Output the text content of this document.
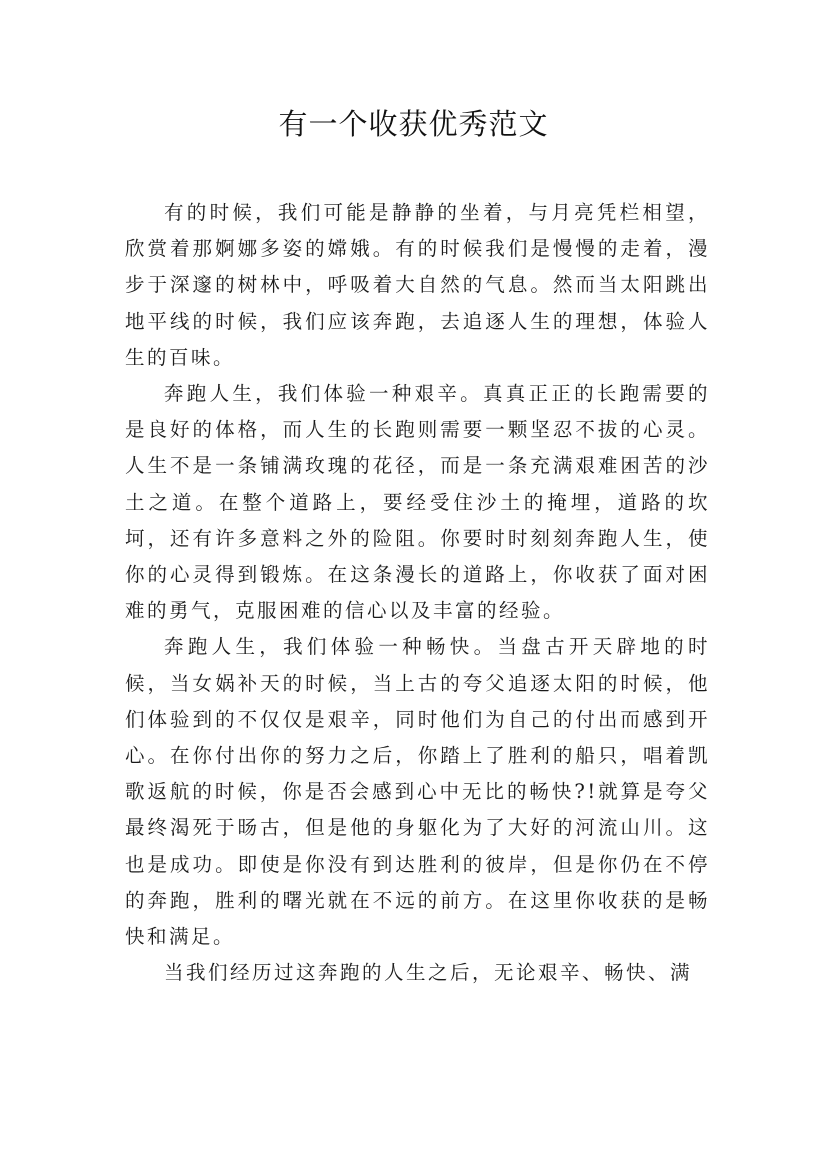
有一个收获优秀范文

有的时候，我们可能是静静的坐着，与月亮凭栏相望，欣赏着那婀娜多姿的嫦娥。有的时候我们是慢慢的走着，漫步于深邃的树林中，呼吸着大自然的气息。然而当太阳跳出地平线的时候，我们应该奔跑，去追逐人生的理想，体验人生的百味。

奔跑人生，我们体验一种艰辛。真真正正的长跑需要的是良好的体格，而人生的长跑则需要一颗坚忍不拔的心灵。人生不是一条铺满玫瑰的花径，而是一条充满艰难困苦的沙土之道。在整个道路上，要经受住沙土的掩埋，道路的坎坷，还有许多意料之外的险阻。你要时时刻刻奔跑人生，使你的心灵得到锻炼。在这条漫长的道路上，你收获了面对困难的勇气，克服困难的信心以及丰富的经验。

奔跑人生，我们体验一种畅快。当盘古开天辟地的时候，当女娲补天的时候，当上古的夸父追逐太阳的时候，他们体验到的不仅仅是艰辛，同时他们为自己的付出而感到开心。在你付出你的努力之后，你踏上了胜利的船只，唱着凯歌返航的时候，你是否会感到心中无比的畅快?!就算是夸父最终渴死于旸古，但是他的身躯化为了大好的河流山川。这也是成功。即使是你没有到达胜利的彼岸，但是你仍在不停的奔跑，胜利的曙光就在不远的前方。在这里你收获的是畅快和满足。

当我们经历过这奔跑的人生之后，无论艰辛、畅快、满
